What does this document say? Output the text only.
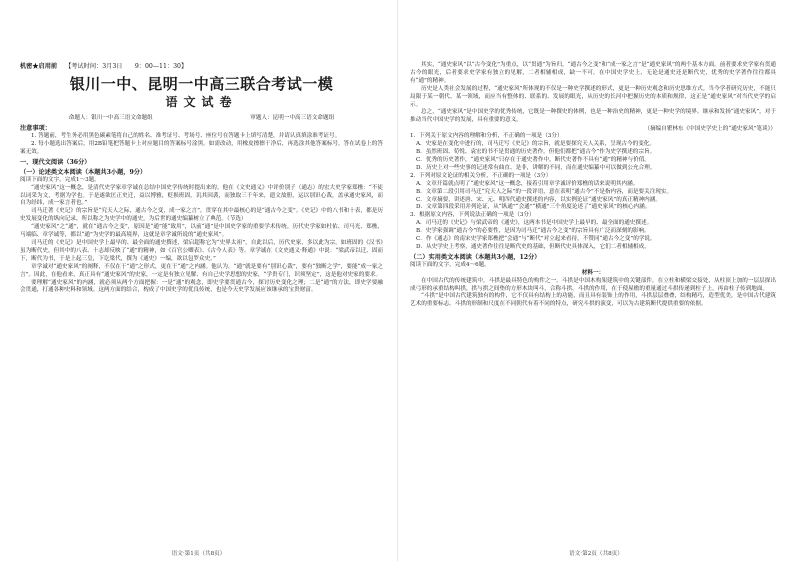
机密★启用前 【考试时间：3月3日　　9：00—11：30】
银川一中、昆明一中高三联合考试一模
语文试卷
命题人：银川一中高三语文命题组	审题人：昆明一中高三语文命题组
注意事项：

1. 答题前，考生务必用黑色碳素笔将自己的姓名、准考证号、考场号、座位号在答题卡上填写清楚，并请认真填涂准考证号。

2. 每小题选出答案后，用2B铅笔把答题卡上对应题目的答案标号涂黑。如需改动，用橡皮擦擦干净后，再选涂其他答案标号。答在试卷上的答案无效。

一、现代文阅读（36分）
（一）论述类文本阅读（本题共3小题，9分）

阅读下面的文字，完成1～3题。

“通史家风”这一概念，是清代史学家章学诚在总结中国史学传统时提出来的。他在《文史通义》中评价别子（通志）的宏大史学家郑樵：“不徒以词采为文，考据为学也。于是遂欲匡正史迁，益以博雅，贬损班固，讥其因袭，而独取三千年来，遗文故册，运以别识心裁，盖承通史家风，而自为经纬，成一家言者也。”

司马迁著《史记》的宗旨是“究天人之际，通古今之变，成一家之言”，贯穿在其中最核心的是“通古今之变”。《史记》中的八书和十表，都是历史发展变化的纵向记录，所以称之为史学中的通史，为后世的通史编纂树立了典范。（节选）

“通史家风”之“通”，就在“通古今之变”，原因是“通”能“致用”，以前“通”是中国史学家的重要学术传统。历代史学家如杜佑、司马光、郑樵、马端临、章学诚等，都以“通”为史学的最高境界，这就是章学诚所说的“通史家风”。

司马迁的《史记》是中国史学上最早的、最全面的通史撰述，梁启超称它为“史界太祖”，自此以后，历代史家，多以此为宗，如班固的《汉书》虽为断代史，但其中的八表、十志却反映了“通”的精神，如《百官公卿表》、《古今人表》等。章学诚在《文史通义·释通》中说：“梁武帝以迁、固而下，断代为书，于是上起三皇，下讫梁代，撰为《通史》一编，欲以包罗众史。”

章学诚对“通史家风”的阐释，不仅在于“通”之形式，更在于“通”之内涵。他认为，“通”就是要有“别识心裁”，要有“独断之学”，要能“成一家之言”。因此，在他看来，真正具有“通史家风”的史家，一定是有独立见解、有自己史学思想的史家，“学贵专门，识须坚定”，这是他对史家的要求。

要理解“通史家风”的内涵，就必须从两个方面把握：一是“通”的观念，即史学要贯通古今，探讨历史变化之理；二是“通”的方法，即史学要融会贯通，打通各种史料和领域。这两方面的结合，构成了中国史学的优良传统，也是今天史学发展应该继承的宝贵财富。

语文·第1页（共8页）

其实，“通史家风”以“古今变化”为重点，以“贯通”为旨归，“通古今之变”和“成一家之言”是“通史家风”的两个基本方面。前者要求史学家有贯通古今的眼光，后者要求史学家有独立的见解，二者相辅相成，缺一不可。在中国史学史上，无论是通史还是断代史，优秀的史学著作往往都具有“通”的精神。

历史是人类社会发展的过程，“通史家风”所体现的不仅是一种史学撰述的形式，更是一种历史观念和历史思维方式。当今学者研究历史，不能只局限于某一朝代、某一领域，而应当有整体的、联系的、发展的眼光，从历史的长河中把握历史的本质和规律，这正是“通史家风”对当代史学的启示。

总之，“通史家风”是中国史学的优秀传统，它既是一种撰史的体例，也是一种治史的精神，更是一种史学的境界。继承和发扬“通史家风”，对于推动当代中国史学的发展，具有重要的意义。

（摘编自瞿林东《中国史学史上的“通史家风”笔谈》）

1．下列关于原文内容的理解和分析，不正确的一项是（3分）

A．史家是在变化中进行的，司马迁写《史记》的宗旨，就是要探究天人关系，呈现古今的变化。

B．虽然班固、荀悦、袁宏的书不是贯通的历史著作，但他们都把“通古今”作为史学撰述的宗旨。

C．优秀的历史著作，“通史家风”只存在于通史著作中，断代史著作不具有“通”的精神与价值。

D．历史上对一些史事的记述常有曲直、是非，讲解的不同，而在通史编纂中可以做到公允合理。

2．下列对原文论证的相关分析，不正确的一项是（3分）

A．文章开篇就点明了“通史家风”这一概念，接着引用章学诚评价郑樵的话来说明其内涵。

B．文章第二段引用司马迁“究天人之际”的一段评语，意在表明“通古今”不是指内容，而是要关注现实。

C．文章摘要，讲述唐、宋、元、明四代通史撰述的内容，以实例论证“通史家风”的真正精神内涵。

D．文章第四段采用并列论证，从“纵通”“会通”“横通”三个角度论述了“通史家风”的核心内涵。

3．根据原文内容，下列说法正确的一项是（3分）

A．司马迁的《史记》与梁武帝的《通史》，这两本书是中国史学上最早的、最全面的通史撰述。

B．史学家强调“通古今”的必要性，是因为司马迁“通古今之变”的宗旨具有广泛而深刻的影响。

C．作《通志》的南宋史学家郑樵把“会通”与“断代”对立起来看待，不赞同“通古今之变”的学说。

D．从史学史上考察，通史著作往往是断代史的基础，但断代史具体深入，它们二者相辅相成。

（二）实用类文本阅读（本题共3小题，12分）

阅读下面的文字，完成4～6题。

材料一：

在中国古代的传统建筑中，斗拱是最具特色的构件之一。斗拱是中国木构架建筑中的关键部件，在立柱和横梁交接处，从柱顶上加的一层层探出成弓形的承重结构叫拱，拱与拱之间垫的方形木块叫斗，合称斗拱。斗拱的作用，在于使屋檐的重量通过斗拱传递到柱子上，再由柱子传到地面。

“斗拱”是中国古代建筑独有的构件，它不仅具有结构上的功能，而且具有装饰上的作用，斗拱层层叠叠，结构精巧，造型优美，是中国古代建筑艺术的重要标志。斗拱的形制和尺度在不同朝代有着不同的特点，研究斗拱的演变，可以为古建筑断代提供重要的依据。

语文·第2页（共8页）
